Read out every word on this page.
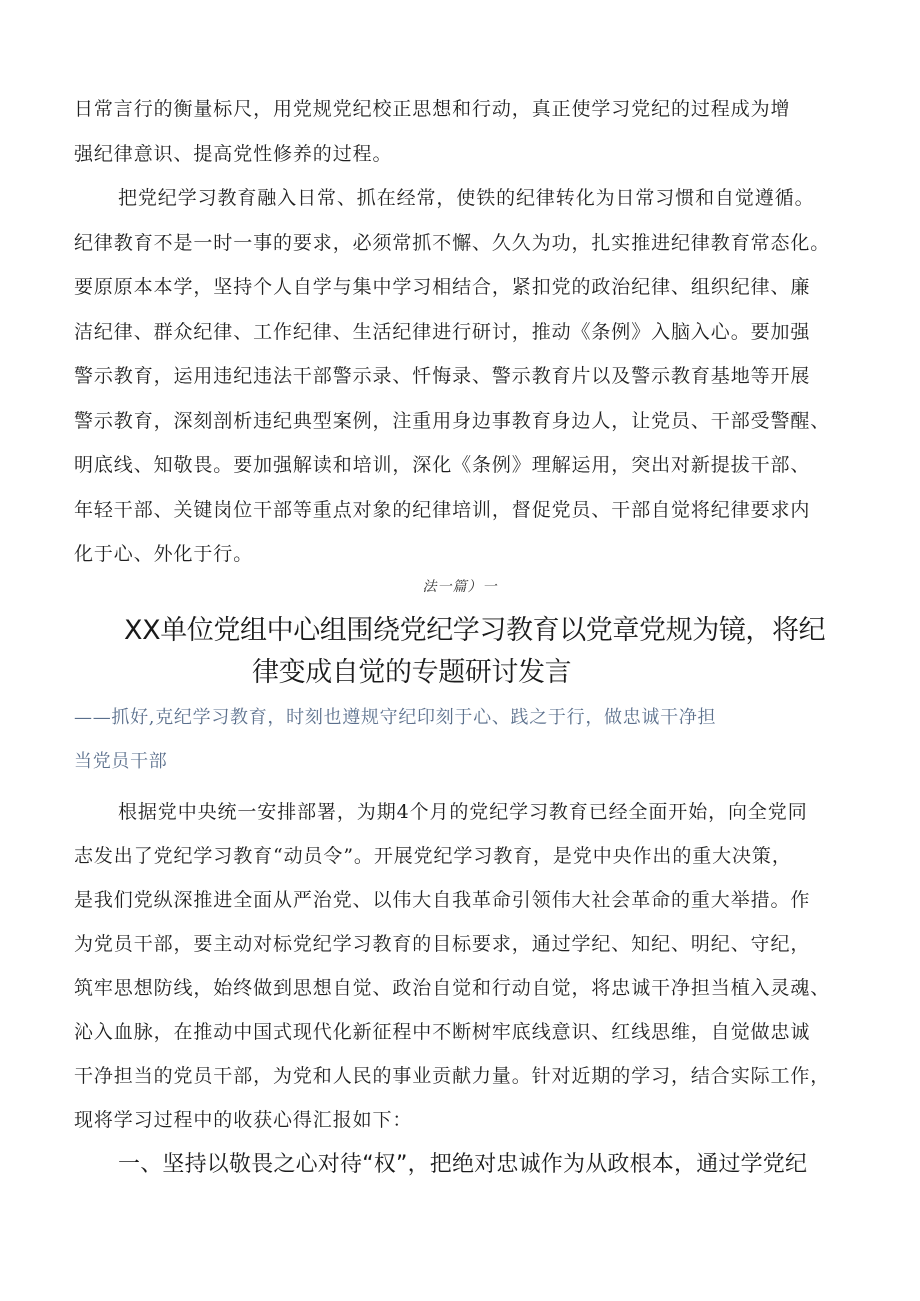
日常言行的衡量标尺，用党规党纪校正思想和行动，真正使学习党纪的过程成为增
强纪律意识、提高党性修养的过程。
把党纪学习教育融入日常、抓在经常，使铁的纪律转化为日常习惯和自觉遵循。
纪律教育不是一时一事的要求，必须常抓不懈、久久为功，扎实推进纪律教育常态化。
要原原本本学，坚持个人自学与集中学习相结合，紧扣党的政治纪律、组织纪律、廉
洁纪律、群众纪律、工作纪律、生活纪律进行研讨，推动《条例》入脑入心。要加强
警示教育，运用违纪违法干部警示录、忏悔录、警示教育片以及警示教育基地等开展
警示教育，深刻剖析违纪典型案例，注重用身边事教育身边人，让党员、干部受警醒、
明底线、知敬畏。要加强解读和培训，深化《条例》理解运用，突出对新提拔干部、
年轻干部、关键岗位干部等重点对象的纪律培训，督促党员、干部自觉将纪律要求内
化于心、外化于行。
法一篇）一
XX单位党组中心组围绕党纪学习教育以党章党规为镜，将纪
律变成自觉的专题研讨发言
——抓好,克纪学习教育，时刻也遵规守纪印刻于心、践之于行，做忠诚干净担
当党员干部
根据党中央统一安排部署，为期4个月的党纪学习教育已经全面开始，向全党同
志发出了党纪学习教育“动员令”。开展党纪学习教育，是党中央作出的重大决策，
是我们党纵深推进全面从严治党、以伟大自我革命引领伟大社会革命的重大举措。作
为党员干部，要主动对标党纪学习教育的目标要求，通过学纪、知纪、明纪、守纪，
筑牢思想防线，始终做到思想自觉、政治自觉和行动自觉，将忠诚干净担当植入灵魂、
沁入血脉，在推动中国式现代化新征程中不断树牢底线意识、红线思维，自觉做忠诚
干净担当的党员干部，为党和人民的事业贡献力量。针对近期的学习，结合实际工作，
现将学习过程中的收获心得汇报如下：
一、坚持以敬畏之心对待“权”，把绝对忠诚作为从政根本，通过学党纪
